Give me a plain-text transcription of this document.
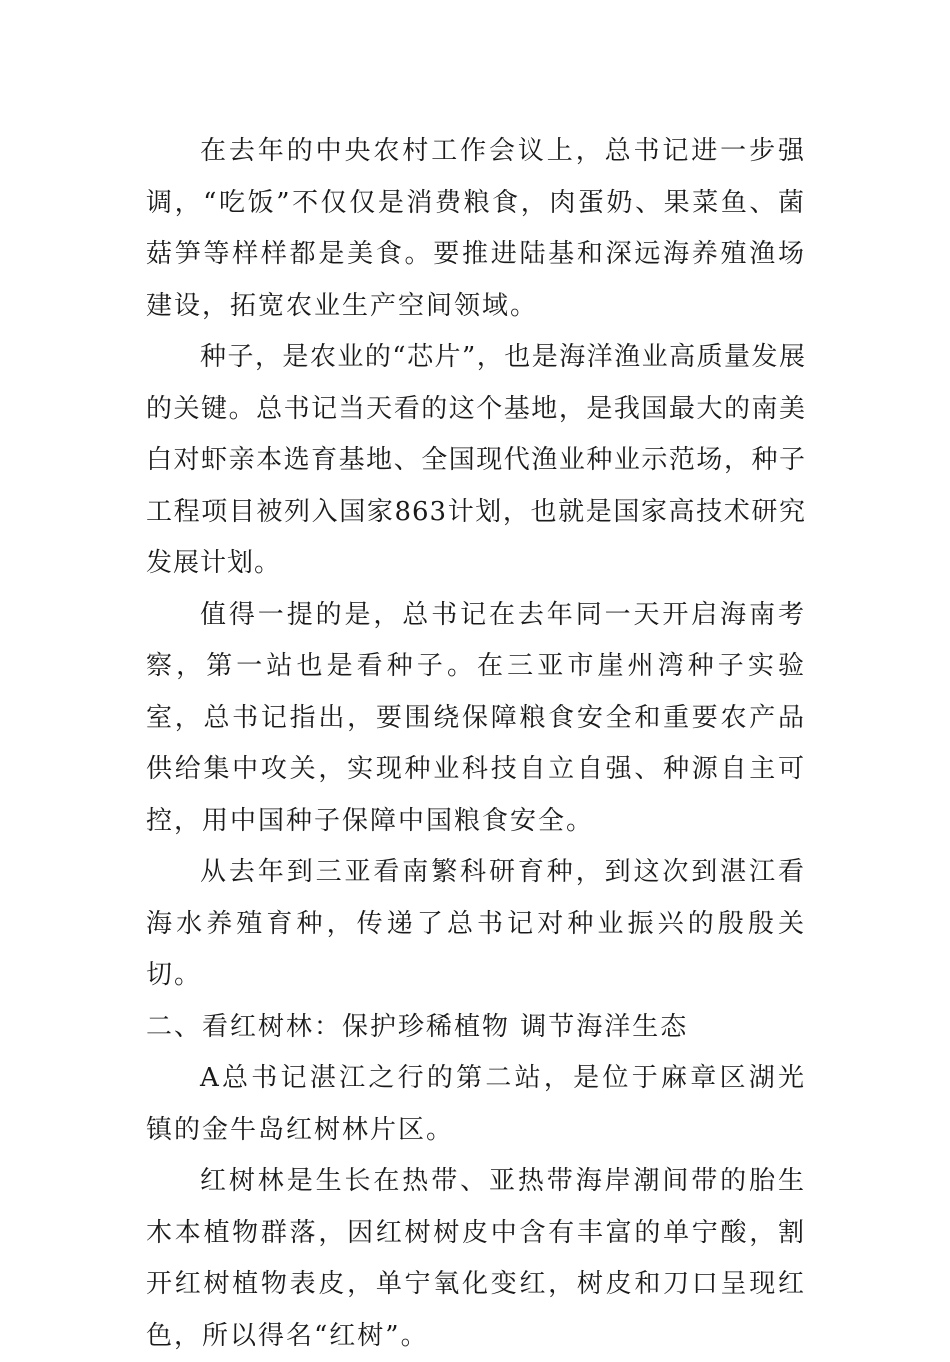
在去年的中央农村工作会议上，总书记进一步强调，“吃饭”不仅仅是消费粮食，肉蛋奶、果菜鱼、菌菇笋等样样都是美食。要推进陆基和深远海养殖渔场建设，拓宽农业生产空间领域。

种子，是农业的“芯片”，也是海洋渔业高质量发展的关键。总书记当天看的这个基地，是我国最大的南美白对虾亲本选育基地、全国现代渔业种业示范场，种子工程项目被列入国家863计划，也就是国家高技术研究发展计划。

值得一提的是，总书记在去年同一天开启海南考察，第一站也是看种子。在三亚市崖州湾种子实验室，总书记指出，要围绕保障粮食安全和重要农产品供给集中攻关，实现种业科技自立自强、种源自主可控，用中国种子保障中国粮食安全。

从去年到三亚看南繁科研育种，到这次到湛江看海水养殖育种，传递了总书记对种业振兴的殷殷关切。

二、看红树林：保护珍稀植物 调节海洋生态

A总书记湛江之行的第二站，是位于麻章区湖光镇的金牛岛红树林片区。

红树林是生长在热带、亚热带海岸潮间带的胎生木本植物群落，因红树树皮中含有丰富的单宁酸，割开红树植物表皮，单宁氧化变红，树皮和刀口呈现红色，所以得名“红树”。
